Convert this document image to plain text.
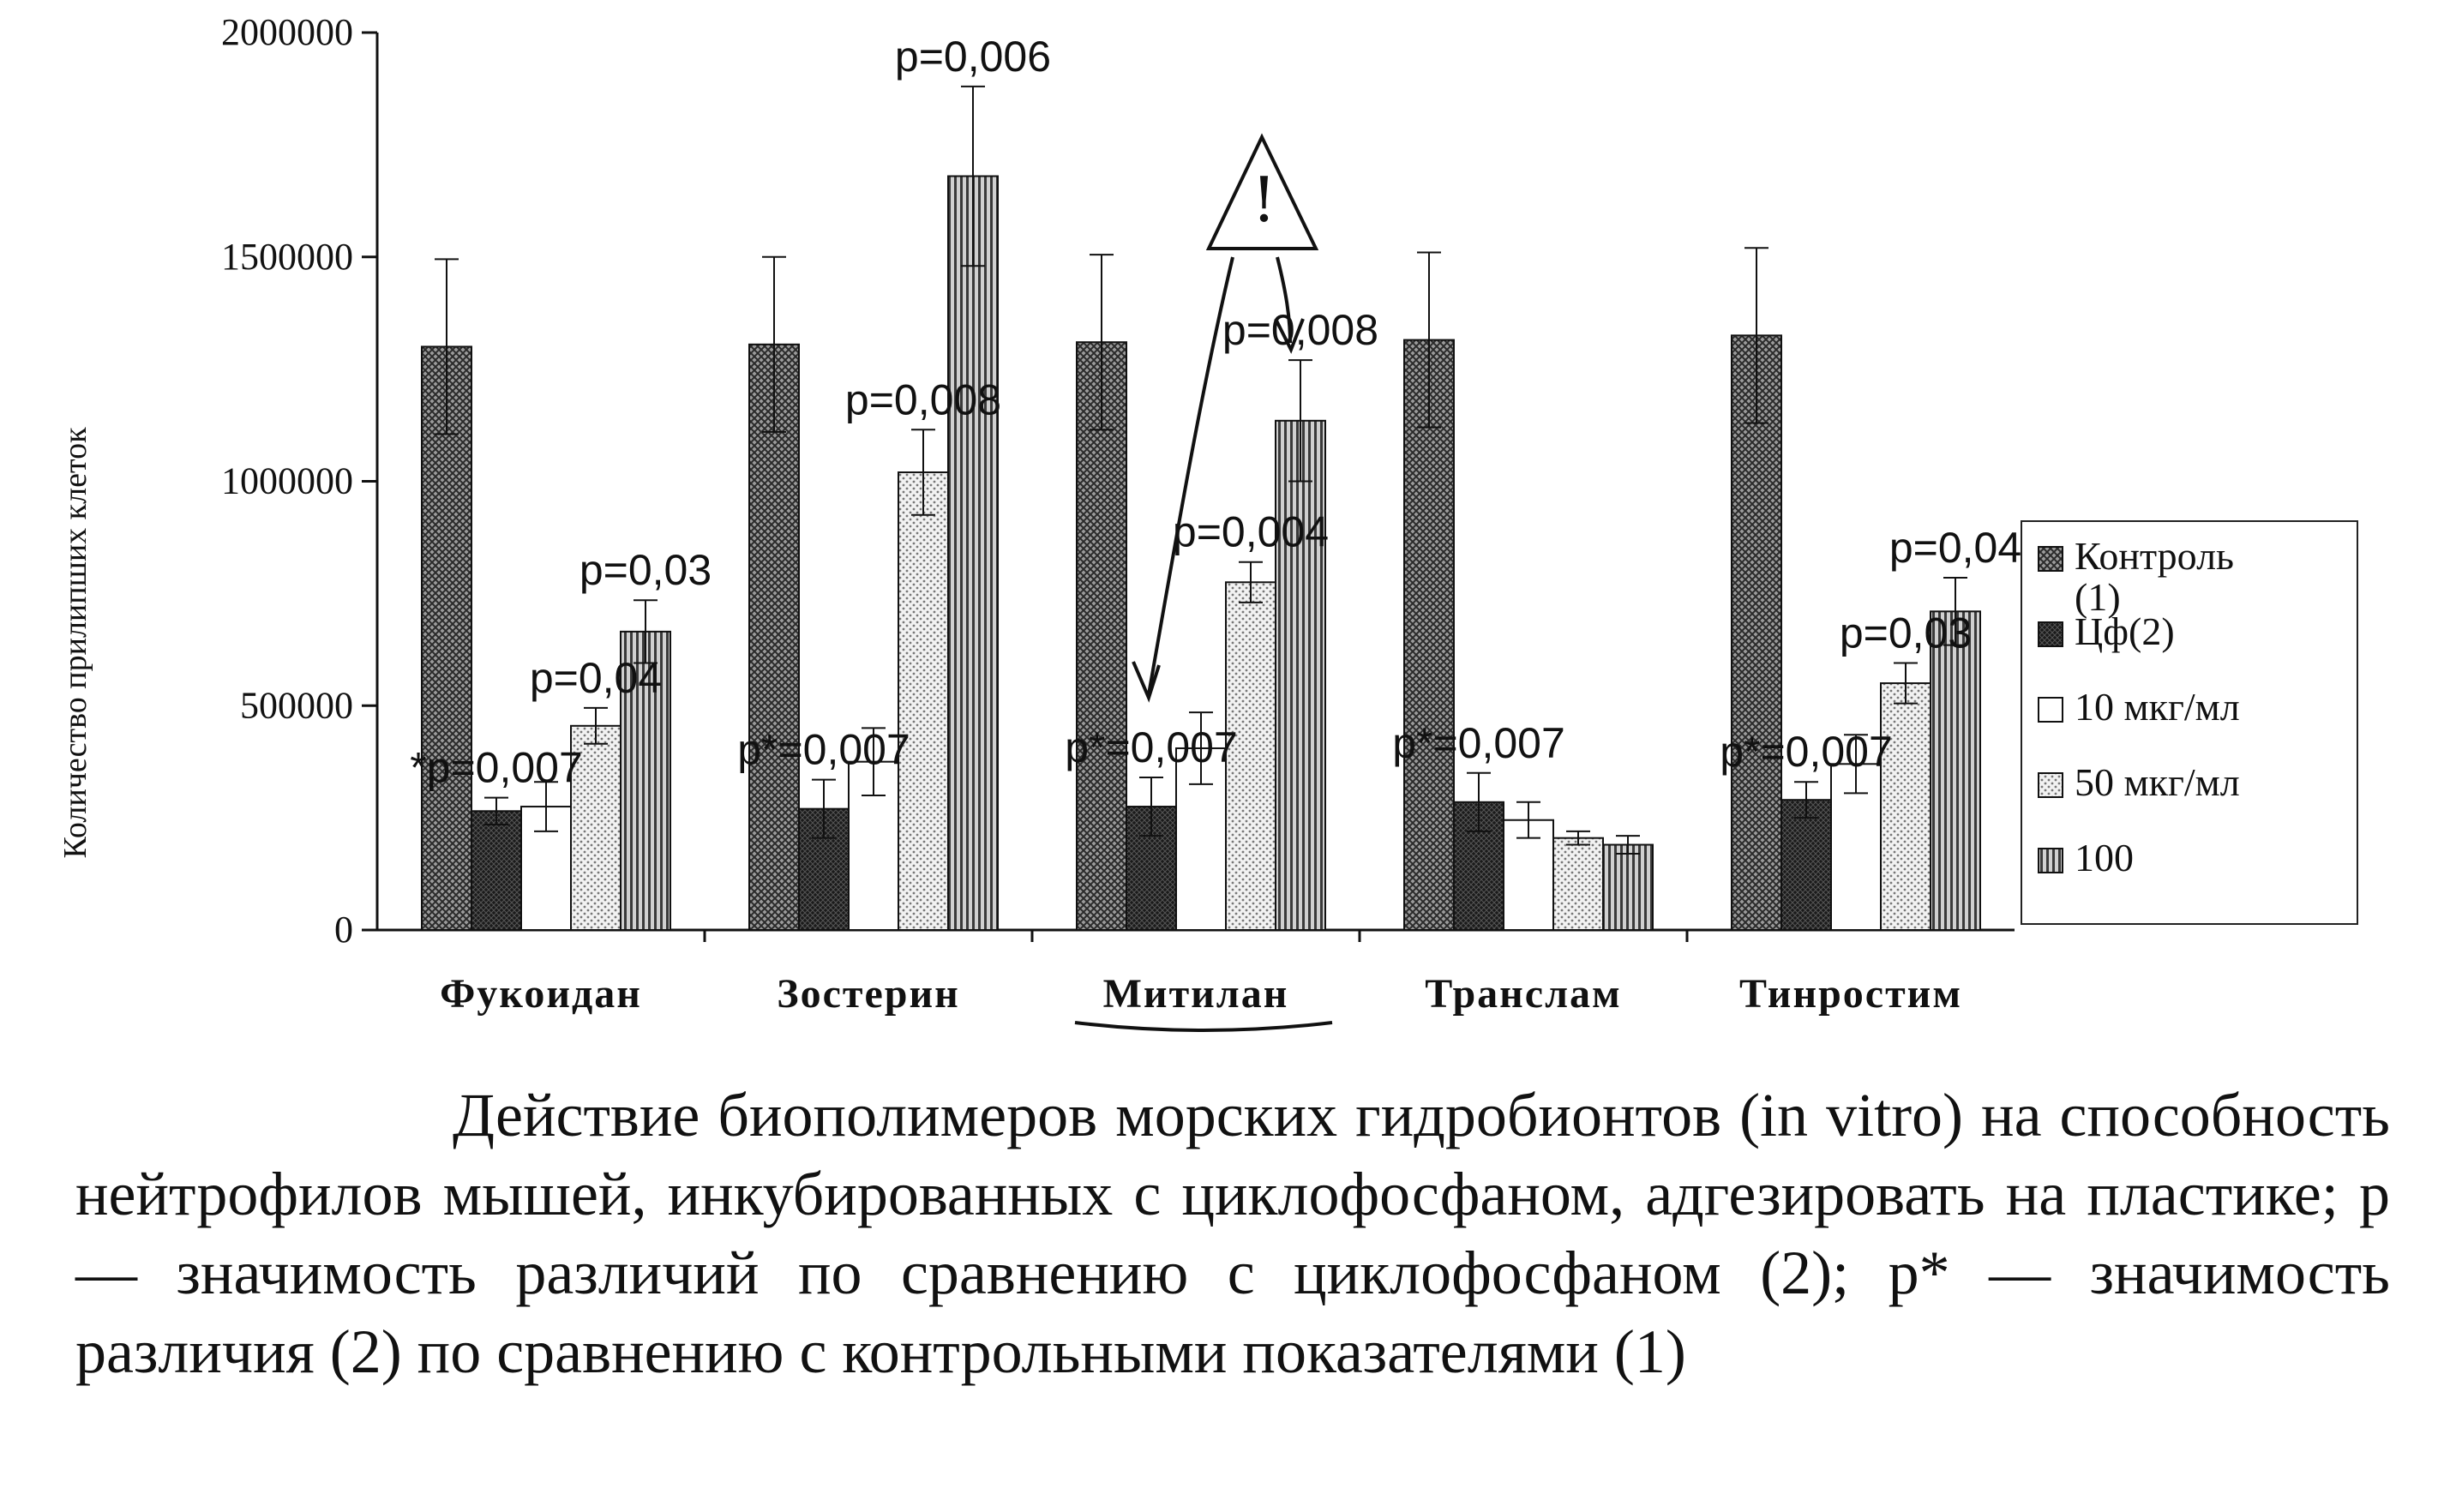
0
500000
1000000
1500000
2000000
Количество прилипших клеток
Фукоидан	Зостерин	Митилан	Транслам	Тинростим
*p=0,007
p=0,04
p=0,03
p*=0,007
p=0,008
p=0,006
p*=0,007
p=0,004
p=0,008
p*=0,007	p*=0,007
p=0,03
p=0,04 Контроль
(1)
Цф(2)
10 мкг/мл
50 мкг/мл
100
!

Действие биополимеров морских гидробионтов (in vitro) на способность нейтрофилов мышей, инкубированных с циклофосфаном, адгезировать на пластике; p — значимость различий по сравнению с циклофосфаном (2); p* — значимость различия (2) по сравнению с контрольными показателями (1)
